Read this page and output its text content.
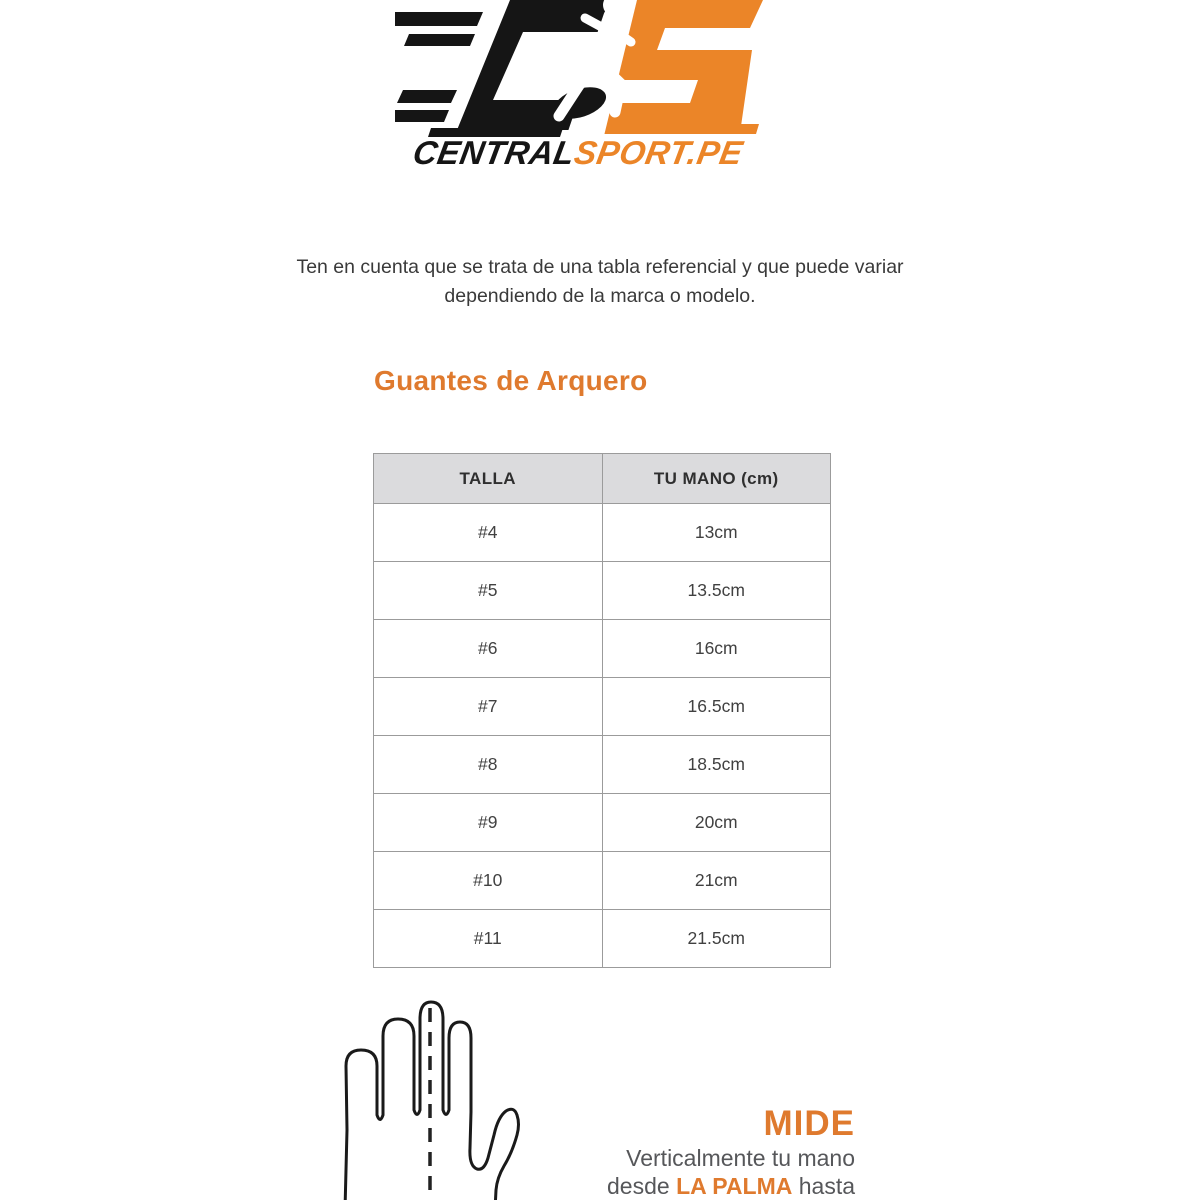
CENTRALSPORT.PE

Ten en cuenta que se trata de una tabla referencial y que puede variar
dependiendo de la marca o modelo.

Guantes de Arquero
TALLA	TU MANO (cm)
#4	13cm
#5	13.5cm
#6	16cm
#7	16.5cm
#8	18.5cm
#9	20cm
#10	21cm
#11	21.5cm
MIDE
Verticalmente tu mano
desde LA PALMA hasta
